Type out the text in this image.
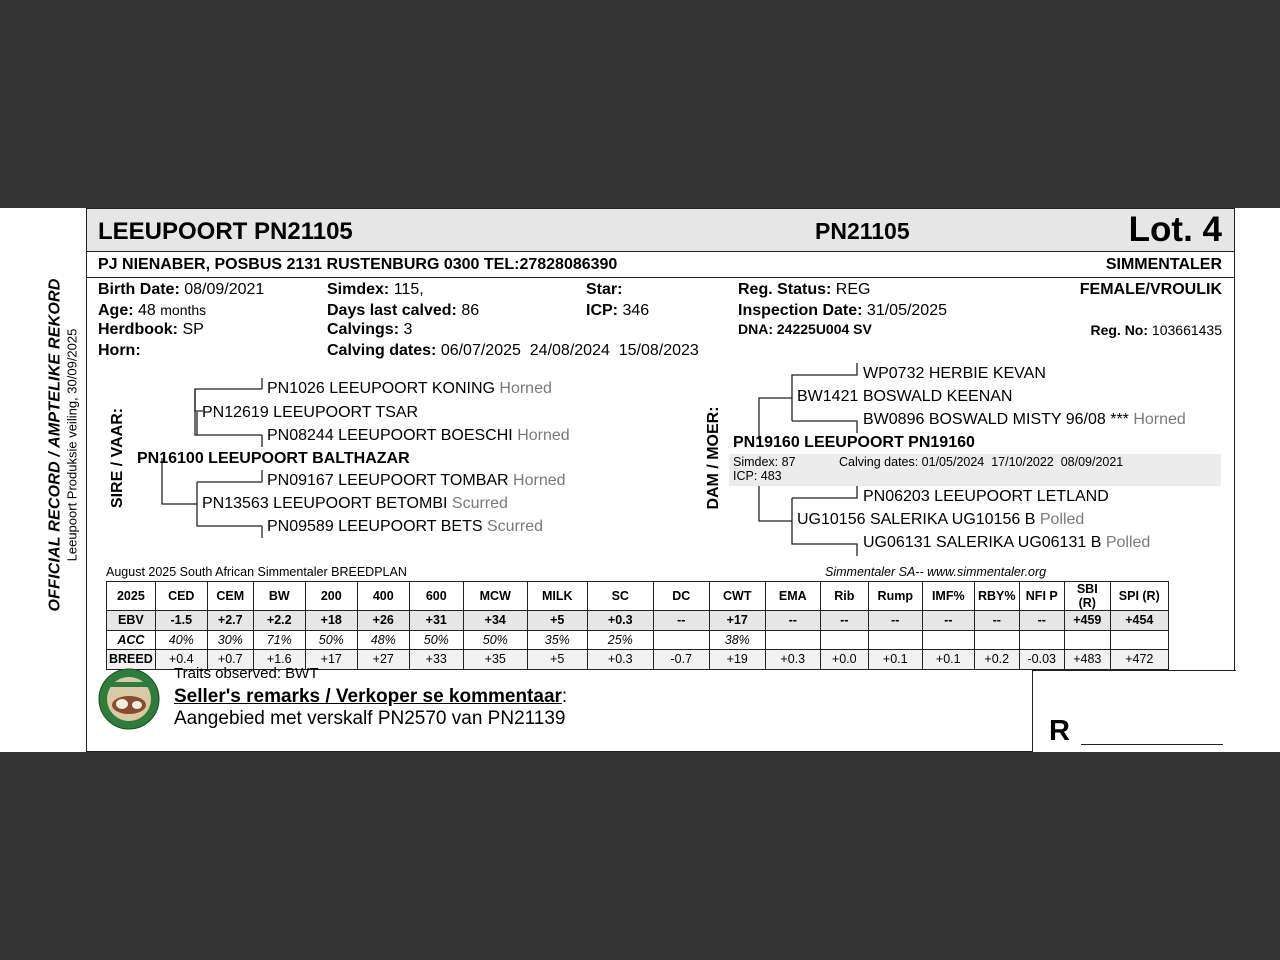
OFFICIAL RECORD / AMPTELIKE REKORD Leeupoort Produksie veiling, 30/09/2025
LEEUPOORT PN21105	PN21105	Lot. 4
PJ NIENABER, POSBUS 2131 RUSTENBURG 0300 TEL:27828086390	SIMMENTALER
Birth Date: 08/09/2021
Age: 48 months
Herdbook: SP
Horn:
Simdex: 115,
Days last calved: 86
Calvings: 3
Calving dates: 06/07/2025  24/08/2024  15/08/2023
Star:
ICP: 346
Reg. Status: REG
Inspection Date: 31/05/2025
DNA: 24225U004 SV
FEMALE/VROULIK
Reg. No: 103661435
SIRE / VAAR:
PN1026 LEEUPOORT KONING Horned
PN12619 LEEUPOORT TSAR
PN08244 LEEUPOORT BOESCHI Horned
PN16100 LEEUPOORT BALTHAZAR
PN09167 LEEUPOORT TOMBAR Horned
PN13563 LEEUPOORT BETOMBI Scurred
PN09589 LEEUPOORT BETS Scurred
DAM / MOER:
WP0732 HERBIE KEVAN
BW1421 BOSWALD KEENAN
BW0896 BOSWALD MISTY 96/08 *** Horned
PN19160 LEEUPOORT PN19160
Simdex: 87	Calving dates: 01/05/2024  17/10/2022  08/09/2021
ICP: 483
PN06203 LEEUPOORT LETLAND
UG10156 SALERIKA UG10156 B Polled
UG06131 SALERIKA UG06131 B Polled
August 2025 South African Simmentaler BREEDPLAN	Simmentaler SA-- www.simmentaler.org
2025	CED	CEM	BW	200	400	600	MCW	MILK	SC	DC	CWT	EMA	Rib	Rump	IMF%	RBY%	NFI P	SBI (R)	SPI (R)
EBV	-1.5	+2.7	+2.2	+18	+26	+31	+34	+5	+0.3	--	+17	--	--	--	--	--	--	+459	+454
ACC	40%	30%	71%	50%	48%	50%	50%	35%	25%		38%								
BREED	+0.4	+0.7	+1.6	+17	+27	+33	+35	+5	+0.3	-0.7	+19	+0.3	+0.0	+0.1	+0.1	+0.2	-0.03	+483	+472
Traits observed: BWT
Seller's remarks / Verkoper se kommentaar:
Aangebied met verskalf PN2570 van PN21139	R
